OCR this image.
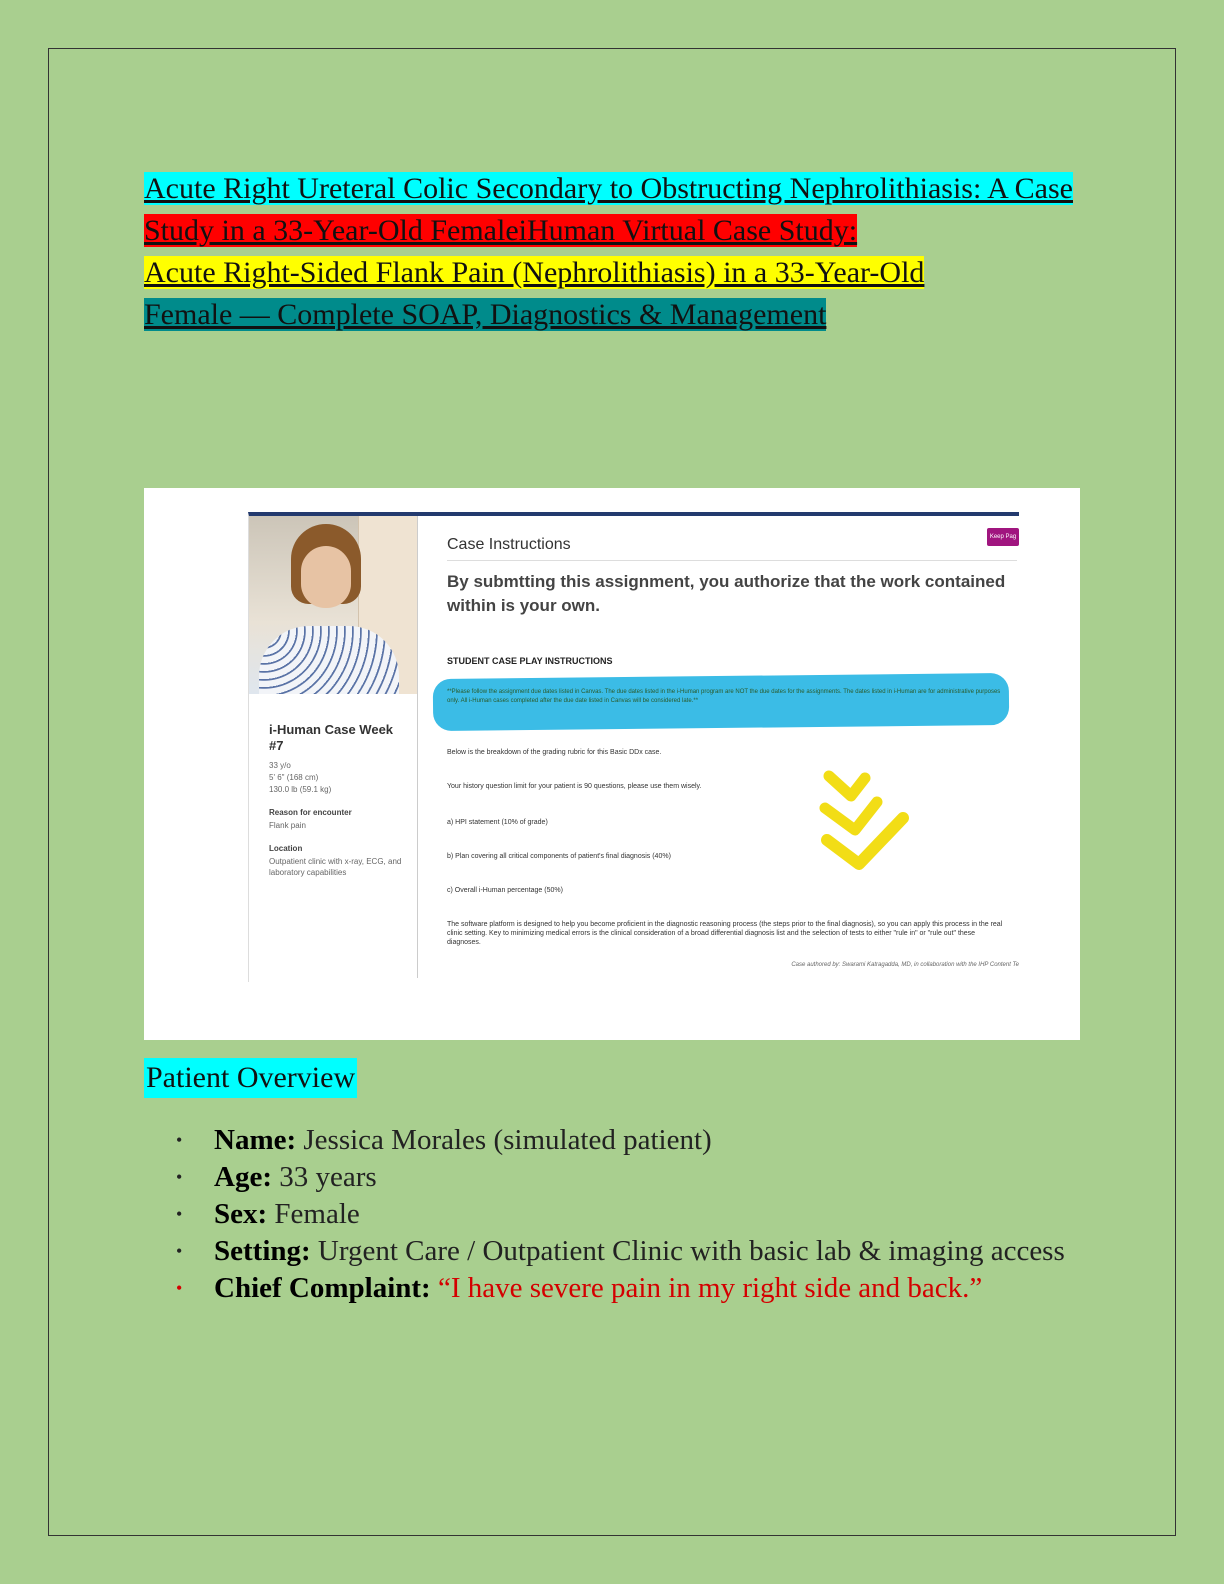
Acute Right Ureteral Colic Secondary to Obstructing Nephrolithiasis: A Case Study in a 33-Year-Old FemaleiHuman Virtual Case Study:
Acute Right-Sided Flank Pain (Nephrolithiasis) in a 33-Year-Old
Female — Complete SOAP, Diagnostics & Management
i-Human Case Week #7
33 y/o
5' 6" (168 cm)
130.0 lb (59.1 kg)
Reason for encounter
Flank pain
Location
Outpatient clinic with x-ray, ECG, and laboratory capabilities
Case Instructions	Keep Pag
By submtting this assignment, you authorize that the work contained within is your own.
STUDENT CASE PLAY INSTRUCTIONS
**Please follow the assignment due dates listed in Canvas. The due dates listed in the i-Human program are NOT the due dates for the assignments. The dates listed in i-Human are for administrative purposes only. All i-Human cases completed after the due date listed in Canvas will be considered late.**
Below is the breakdown of the grading rubric for this Basic DDx case.
Your history question limit for your patient is 90 questions, please use them wisely.
a) HPI statement (10% of grade)
b) Plan covering all critical components of patient's final diagnosis (40%)
c) Overall i-Human percentage (50%)
The software platform is designed to help you become proficient in the diagnostic reasoning process (the steps prior to the final diagnosis), so you can apply this process in the real clinic setting. Key to minimizing medical errors is the clinical consideration of a broad differential diagnosis list and the selection of tests to either "rule in" or "rule out" these diagnoses.
Case authored by: Swarami Katragadda, MD, in collaboration with the IHP Content Te
Patient Overview
• Name: Jessica Morales (simulated patient)
• Age: 33 years
• Sex: Female
• Setting: Urgent Care / Outpatient Clinic with basic lab & imaging access
• Chief Complaint: “I have severe pain in my right side and back.”
